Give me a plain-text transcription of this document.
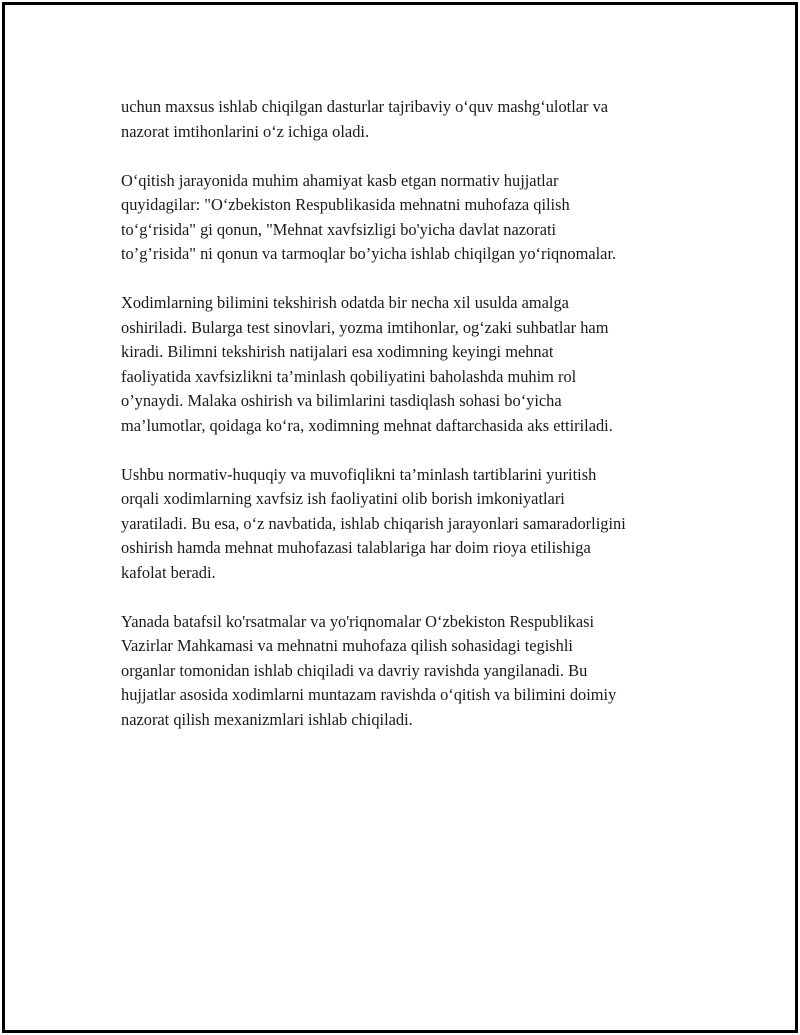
uchun maxsus ishlab chiqilgan dasturlar tajribaviy o‘quv mashg‘ulotlar va
nazorat imtihonlarini o‘z ichiga oladi.

O‘qitish jarayonida muhim ahamiyat kasb etgan normativ hujjatlar
quyidagilar: "O‘zbekiston Respublikasida mehnatni muhofaza qilish
to‘g‘risida" gi qonun, "Mehnat xavfsizligi bo'yicha davlat nazorati
to’g’risida" ni qonun va tarmoqlar bo’yicha ishlab chiqilgan yo‘riqnomalar.

Xodimlarning bilimini tekshirish odatda bir necha xil usulda amalga
oshiriladi. Bularga test sinovlari, yozma imtihonlar, og‘zaki suhbatlar ham
kiradi. Bilimni tekshirish natijalari esa xodimning keyingi mehnat
faoliyatida xavfsizlikni ta’minlash qobiliyatini baholashda muhim rol
o’ynaydi. Malaka oshirish va bilimlarini tasdiqlash sohasi bo‘yicha
ma’lumotlar, qoidaga ko‘ra, xodimning mehnat daftarchasida aks ettiriladi.

Ushbu normativ-huquqiy va muvofiqlikni ta’minlash tartiblarini yuritish
orqali xodimlarning xavfsiz ish faoliyatini olib borish imkoniyatlari
yaratiladi. Bu esa, o‘z navbatida, ishlab chiqarish jarayonlari samaradorligini
oshirish hamda mehnat muhofazasi talablariga har doim rioya etilishiga
kafolat beradi.

Yanada batafsil ko'rsatmalar va yo'riqnomalar O‘zbekiston Respublikasi
Vazirlar Mahkamasi va mehnatni muhofaza qilish sohasidagi tegishli
organlar tomonidan ishlab chiqiladi va davriy ravishda yangilanadi. Bu
hujjatlar asosida xodimlarni muntazam ravishda o‘qitish va bilimini doimiy
nazorat qilish mexanizmlari ishlab chiqiladi.
